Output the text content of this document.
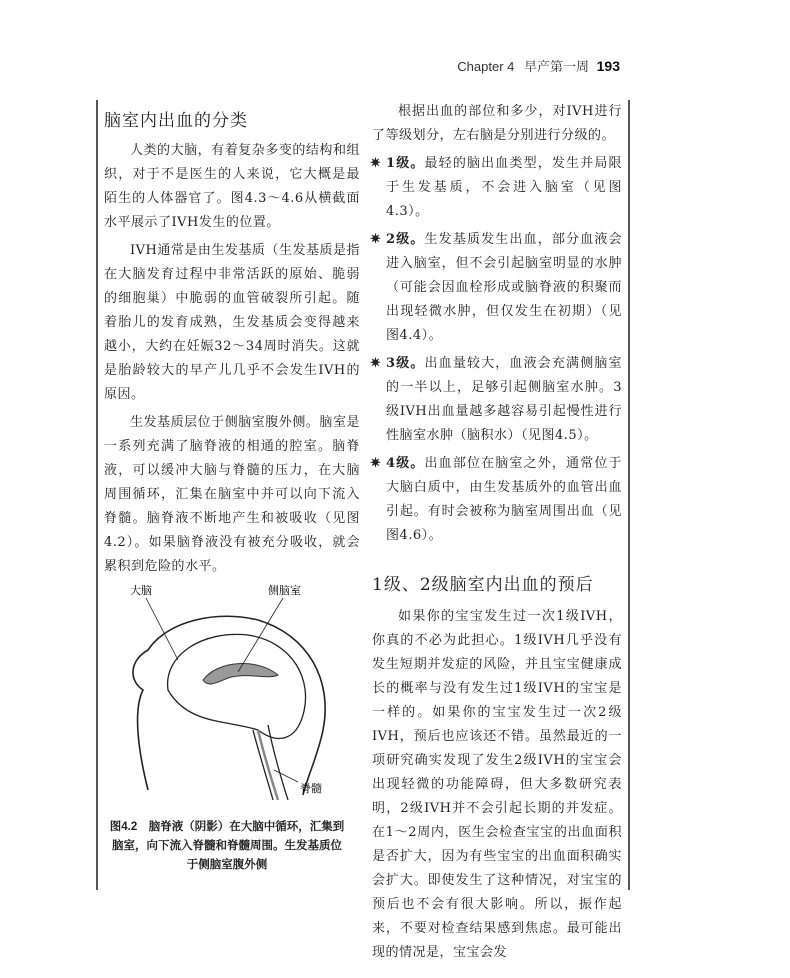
Chapter 4 早产第一周 193
脑室内出血的分类

人类的大脑，有着复杂多变的结构和组织，对于不是医生的人来说，它大概是最陌生的人体器官了。图4.3～4.6从横截面水平展示了IVH发生的位置。

IVH通常是由生发基质（生发基质是指在大脑发育过程中非常活跃的原始、脆弱的细胞巢）中脆弱的血管破裂所引起。随着胎儿的发育成熟，生发基质会变得越来越小，大约在妊娠32～34周时消失。这就是胎龄较大的早产儿几乎不会发生IVH的原因。

生发基质层位于侧脑室腹外侧。脑室是一系列充满了脑脊液的相通的腔室。脑脊液，可以缓冲大脑与脊髓的压力，在大脑周围循环，汇集在脑室中并可以向下流入脊髓。脑脊液不断地产生和被吸收（见图4.2）。如果脑脊液没有被充分吸收，就会累积到危险的水平。

大脑	侧脑室
脊髓
图4.2　脑脊液（阴影）在大脑中循环，汇集到脑室，向下流入脊髓和脊髓周围。生发基质位于侧脑室腹外侧

根据出血的部位和多少，对IVH进行了等级划分，左右脑是分别进行分级的。

✷ 1级。最轻的脑出血类型，发生并局限于生发基质，不会进入脑室（见图4.3）。
✷ 2级。生发基质发生出血，部分血液会进入脑室，但不会引起脑室明显的水肿（可能会因血栓形成或脑脊液的积聚而出现轻微水肿，但仅发生在初期）（见图4.4）。
✷ 3级。出血量较大，血液会充满侧脑室的一半以上，足够引起侧脑室水肿。3级IVH出血量越多越容易引起慢性进行性脑室水肿（脑积水）（见图4.5）。
✷ 4级。出血部位在脑室之外，通常位于大脑白质中，由生发基质外的血管出血引起。有时会被称为脑室周围出血（见图4.6）。
1级、2级脑室内出血的预后

如果你的宝宝发生过一次1级IVH，你真的不必为此担心。1级IVH几乎没有发生短期并发症的风险，并且宝宝健康成长的概率与没有发生过1级IVH的宝宝是一样的。如果你的宝宝发生过一次2级IVH，预后也应该还不错。虽然最近的一项研究确实发现了发生2级IVH的宝宝会出现轻微的功能障碍，但大多数研究表明，2级IVH并不会引起长期的并发症。在1～2周内，医生会检查宝宝的出血面积是否扩大，因为有些宝宝的出血面积确实会扩大。即使发生了这种情况，对宝宝的预后也不会有很大影响。所以，振作起来，不要对检查结果感到焦虑。最可能出现的情况是，宝宝会发
